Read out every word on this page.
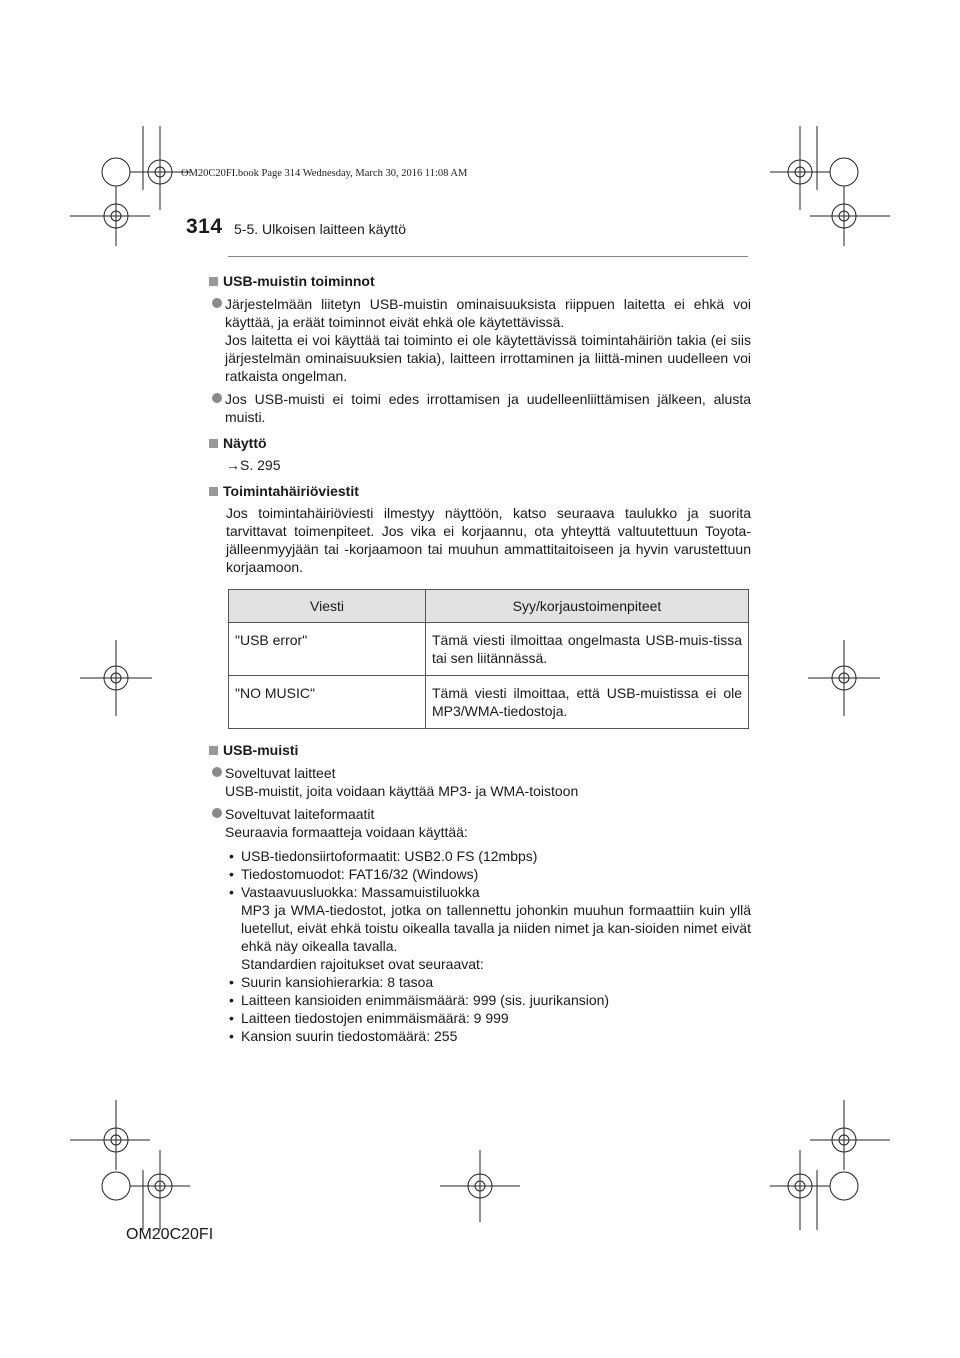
OM20C20FI.book Page 314 Wednesday, March 30, 2016 11:08 AM
314 5-5. Ulkoisen laitteen käyttö
USB-muistin toiminnot
Järjestelmään liitetyn USB-muistin ominaisuuksista riippuen laitetta ei ehkä voi käyttää, ja eräät toiminnot eivät ehkä ole käytettävissä.
Jos laitetta ei voi käyttää tai toiminto ei ole käytettävissä toimintahäiriön takia (ei siis järjestelmän ominaisuuksien takia), laitteen irrottaminen ja liittä-minen uudelleen voi ratkaista ongelman.
Jos USB-muisti ei toimi edes irrottamisen ja uudelleenliittämisen jälkeen, alusta muisti.
Näyttö
→S. 295
Toimintahäiriöviestit
Jos toimintahäiriöviesti ilmestyy näyttöön, katso seuraava taulukko ja suorita tarvittavat toimenpiteet. Jos vika ei korjaannu, ota yhteyttä valtuutettuun Toyota-jälleenmyyjään tai -korjaamoon tai muuhun ammattitaitoiseen ja hyvin varustettuun korjaamoon.
Viesti	Syy/korjaustoimenpiteet
"USB error"	Tämä viesti ilmoittaa ongelmasta USB-muis-tissa tai sen liitännässä.
"NO MUSIC"	Tämä viesti ilmoittaa, että USB-muistissa ei ole MP3/WMA-tiedostoja.
USB-muisti
Soveltuvat laitteet
USB-muistit, joita voidaan käyttää MP3- ja WMA-toistoon
Soveltuvat laiteformaatit
Seuraavia formaatteja voidaan käyttää:
• USB-tiedonsiirtoformaatit: USB2.0 FS (12mbps)
• Tiedostomuodot: FAT16/32 (Windows)
• Vastaavuusluokka: Massamuistiluokka

MP3 ja WMA-tiedostot, jotka on tallennettu johonkin muuhun formaattiin kuin yllä luetellut, eivät ehkä toistu oikealla tavalla ja niiden nimet ja kan-sioiden nimet eivät ehkä näy oikealla tavalla.
Standardien rajoitukset ovat seuraavat:
• Suurin kansiohierarkia: 8 tasoa
• Laitteen kansioiden enimmäismäärä: 999 (sis. juurikansion)
• Laitteen tiedostojen enimmäismäärä: 9 999
• Kansion suurin tiedostomäärä: 255
OM20C20FI
